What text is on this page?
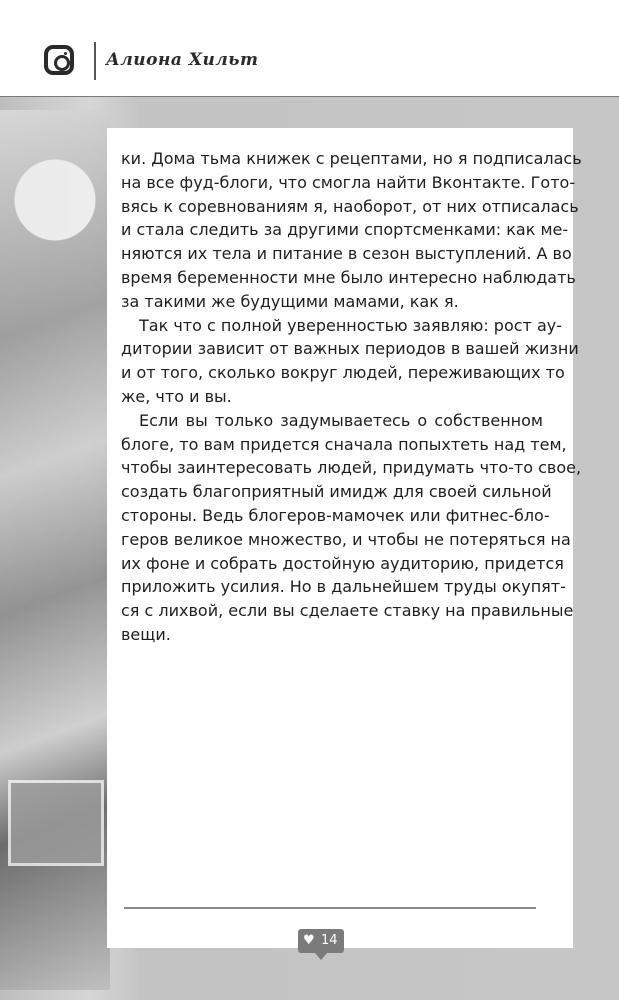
Алиона Хильт
ки. Дома тьма книжек с рецептами, но я подписалась
на все фуд-блоги, что смогла найти Вконтакте. Гото-
вясь к соревнованиям я, наоборот, от них отписалась
и стала следить за другими спортсменками: как ме-
няются их тела и питание в сезон выступлений. А во
время беременности мне было интересно наблюдать
за такими же будущими мамами, как я.
Так что с полной уверенностью заявляю: рост ау-
дитории зависит от важных периодов в вашей жизни
и от того, сколько вокруг людей, переживающих то
же, что и вы.
Если вы только задумываетесь о собственном
блоге, то вам придется сначала попыхтеть над тем,
чтобы заинтересовать людей, придумать что-то свое,
создать благоприятный имидж для своей сильной
стороны. Ведь блогеров-мамочек или фитнес-бло-
геров великое множество, и чтобы не потеряться на
их фоне и собрать достойную аудиторию, придется
приложить усилия. Но в дальнейшем труды окупят-
ся с лихвой, если вы сделаете ставку на правильные
вещи.
♥ 14
